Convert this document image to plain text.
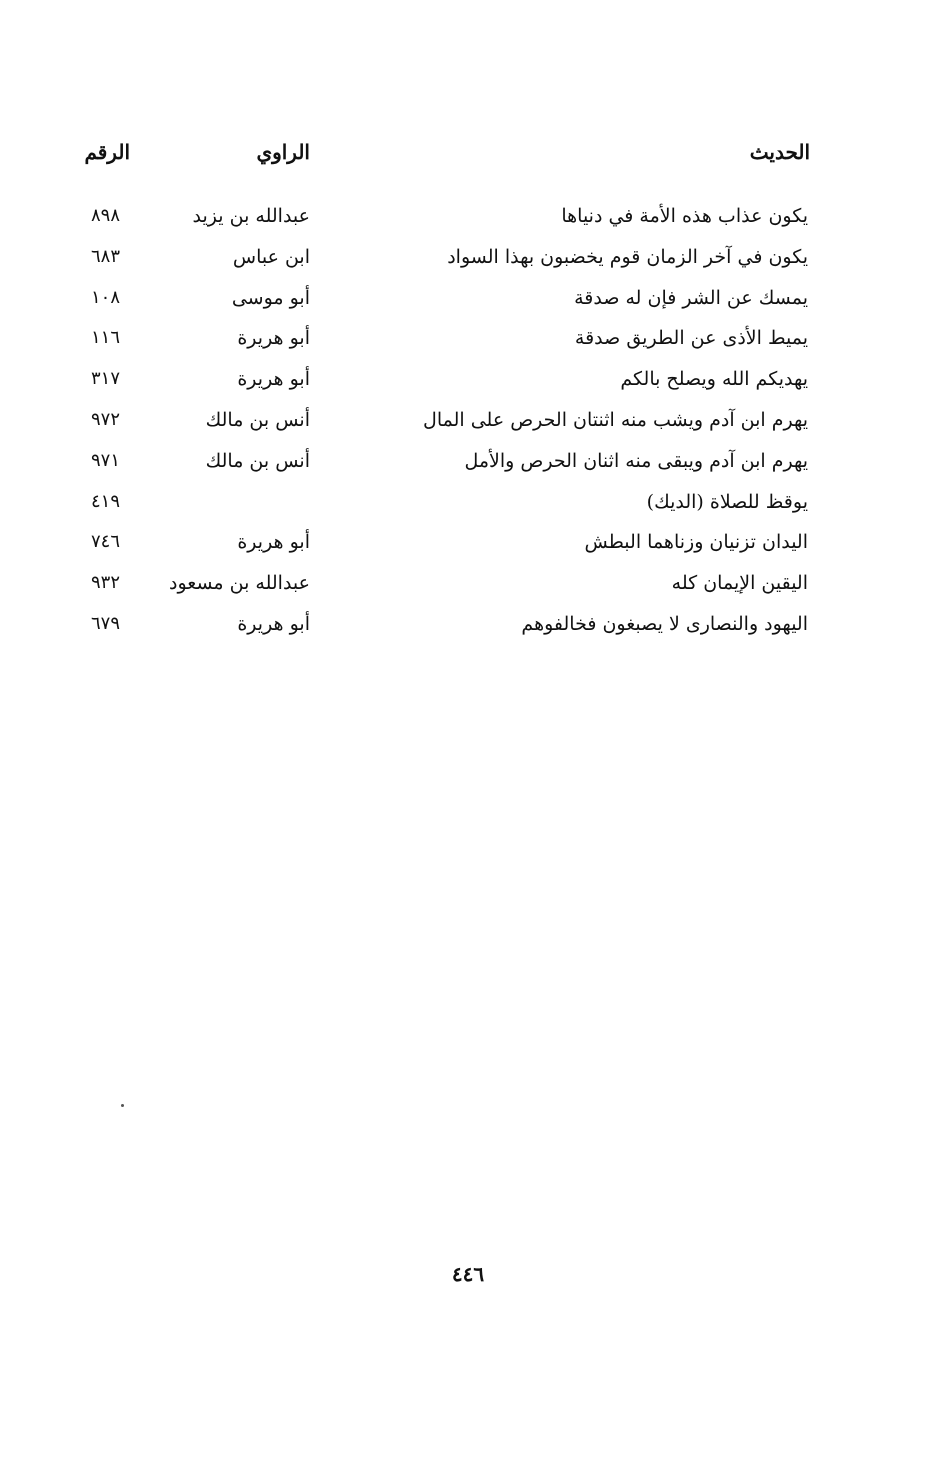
الحديث
الراوي
الرقم
يكون عذاب هذه الأمة في دنياها
عبدالله بن يزيد
٨٩٨
يكون في آخر الزمان قوم يخضبون بهذا السواد
ابن عباس
٦٨٣
يمسك عن الشر فإن له صدقة
أبو موسى
١٠٨
يميط الأذى عن الطريق صدقة
أبو هريرة
١١٦
يهديكم الله ويصلح بالكم
أبو هريرة
٣١٧
يهرم ابن آدم ويشب منه اثنتان الحرص على المال
أنس بن مالك
٩٧٢
يهرم ابن آدم ويبقى منه اثنان الحرص والأمل
أنس بن مالك
٩٧١
يوقظ للصلاة (الديك)
٤١٩
اليدان تزنيان وزناهما البطش
أبو هريرة
٧٤٦
اليقين الإيمان كله
عبدالله بن مسعود
٩٣٢
اليهود والنصارى لا يصبغون فخالفوهم
أبو هريرة
٦٧٩
٤٤٦
